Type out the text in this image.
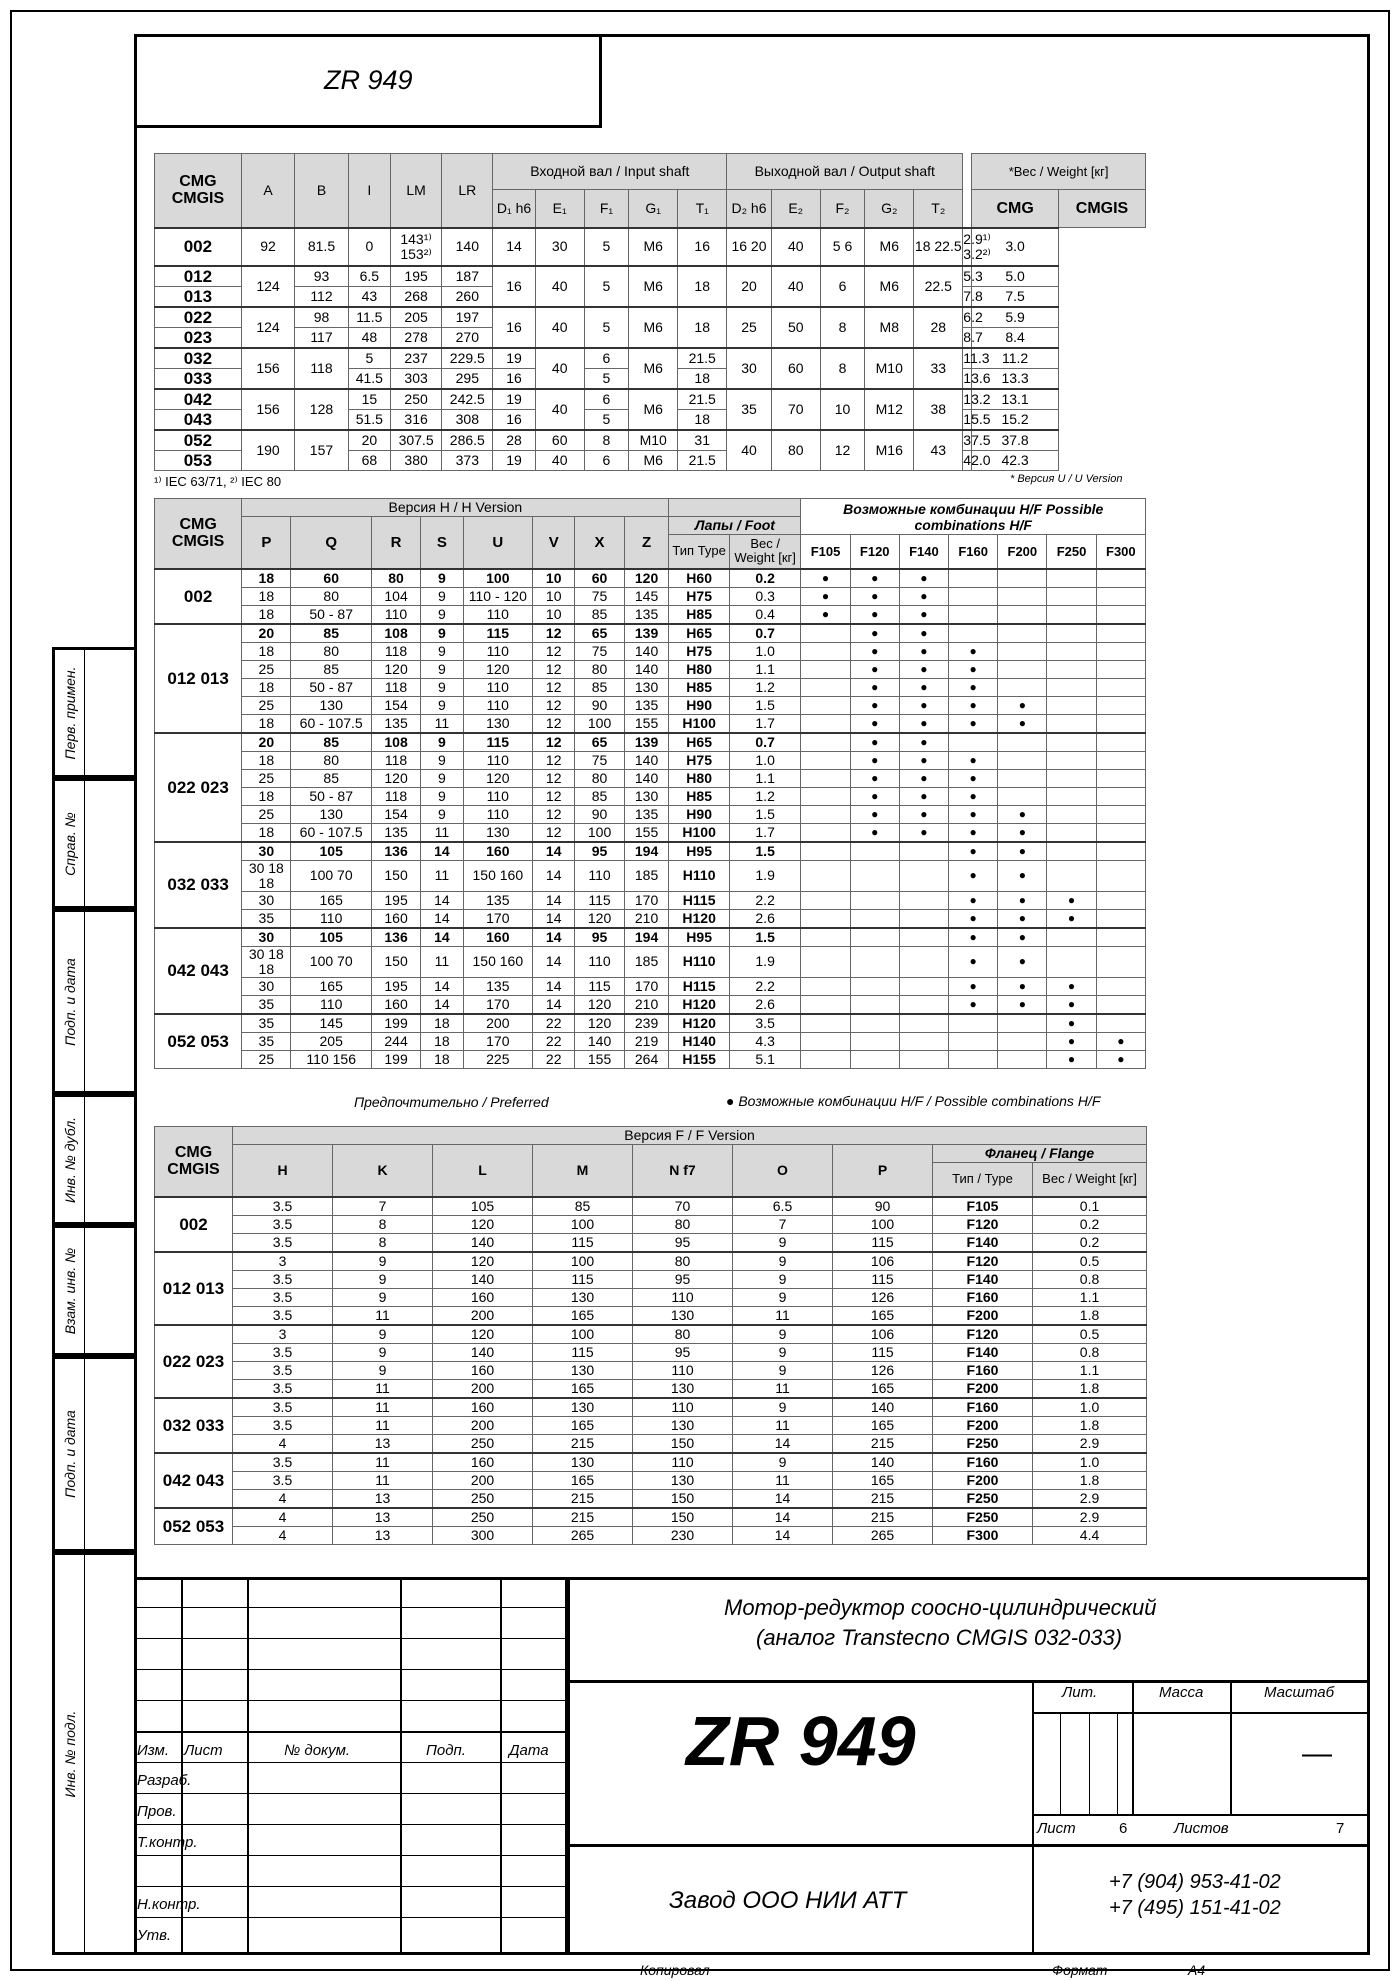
ZR 949
Перв. примен.
Справ. №
Подп. и дата
Инв. № дубл.
Взам. инв. №
Подп. и дата
Инв. № подл.
CMG
CMGIS	A	B	I	LM	LR	Входной вал / Input shaft					Выходной вал / Output shaft						*Вес / Weight [кг]	
						D₁ h6	E₁	F₁	G₁	T₁	D₂ h6	E₂	F₂	G₂	T₂		CMG	CMGIS
002	92	81.5	0	143¹⁾ 153²⁾	140	14	30	5	M6	16	16 20	40	5 6	M6	18 22.5	2.9¹⁾ 3.2²⁾	3.0	
012	124	93	6.5	195	187	16	40	5	M6	18	20	40	6	M6	22.5	5.3	5.0	
013		112	43	268	260											7.8	7.5	
022	124	98	11.5	205	197	16	40	5	M6	18	25	50	8	M8	28	6.2	5.9	
023		117	48	278	270											8.7	8.4	
032	156	118	5	237	229.5	19	40	6	M6	21.5	30	60	8	M10	33	11.3	11.2	
033			41.5	303	295	16		5		18						13.6	13.3	
042	156	128	15	250	242.5	19	40	6	M6	21.5	35	70	10	M12	38	13.2	13.1	
043			51.5	316	308	16		5		18						15.5	15.2	
052	190	157	20	307.5	286.5	28	60	8	M10	31	40	80	12	M16	43	37.5	37.8	
053			68	380	373	19	40	6	M6	21.5						42.0	42.3	
¹⁾ IEC 63/71, ²⁾ IEC 80	* Версия U / U Version
CMG
CMGIS	Версия H / H Version										Возможные комбинации H/F Possible combinations H/F						
	P	Q	R	S	U	V	X	Z	Лапы / Foot								
									Тип Type	Вес / Weight [кг]	F105	F120	F140	F160	F200	F250	F300
002	18	60	80	9	100	10	60	120	H60	0.2	●	●	●				
	18	80	104	9	110 - 120	10	75	145	H75	0.3	●	●	●				
	18	50 - 87	110	9	110	10	85	135	H85	0.4	●	●	●				
012 013	20	85	108	9	115	12	65	139	H65	0.7		●	●				
	18	80	118	9	110	12	75	140	H75	1.0		●	●	●			
	25	85	120	9	120	12	80	140	H80	1.1		●	●	●			
	18	50 - 87	118	9	110	12	85	130	H85	1.2		●	●	●			
	25	130	154	9	110	12	90	135	H90	1.5		●	●	●	●		
	18	60 - 107.5	135	11	130	12	100	155	H100	1.7		●	●	●	●		
022 023	20	85	108	9	115	12	65	139	H65	0.7		●	●				
	18	80	118	9	110	12	75	140	H75	1.0		●	●	●			
	25	85	120	9	120	12	80	140	H80	1.1		●	●	●			
	18	50 - 87	118	9	110	12	85	130	H85	1.2		●	●	●			
	25	130	154	9	110	12	90	135	H90	1.5		●	●	●	●		
	18	60 - 107.5	135	11	130	12	100	155	H100	1.7		●	●	●	●		
032 033	30	105	136	14	160	14	95	194	H95	1.5				●	●		
	30 18 18	100 70	150	11	150 160	14	110	185	H110	1.9				●	●		
	30	165	195	14	135	14	115	170	H115	2.2				●	●	●	
	35	110	160	14	170	14	120	210	H120	2.6				●	●	●	
042 043	30	105	136	14	160	14	95	194	H95	1.5				●	●		
	30 18 18	100 70	150	11	150 160	14	110	185	H110	1.9				●	●		
	30	165	195	14	135	14	115	170	H115	2.2				●	●	●	
	35	110	160	14	170	14	120	210	H120	2.6				●	●	●	
052 053	35	145	199	18	200	22	120	239	H120	3.5						●	
	35	205	244	18	170	22	140	219	H140	4.3						●	●
	25	110 156	199	18	225	22	155	264	H155	5.1						●	●
Предпочтительно / Preferred	● Возможные комбинации H/F / Possible combinations H/F
CMG
CMGIS	Версия F / F Version								
	H	K	L	M	N f7	O	P	Фланец / Flange	
								Тип / Type	Вес / Weight [кг]
002	3.5	7	105	85	70	6.5	90	F105	0.1
	3.5	8	120	100	80	7	100	F120	0.2
	3.5	8	140	115	95	9	115	F140	0.2
012 013	3	9	120	100	80	9	106	F120	0.5
	3.5	9	140	115	95	9	115	F140	0.8
	3.5	9	160	130	110	9	126	F160	1.1
	3.5	11	200	165	130	11	165	F200	1.8
022 023	3	9	120	100	80	9	106	F120	0.5
	3.5	9	140	115	95	9	115	F140	0.8
	3.5	9	160	130	110	9	126	F160	1.1
	3.5	11	200	165	130	11	165	F200	1.8
032 033	3.5	11	160	130	110	9	140	F160	1.0
	3.5	11	200	165	130	11	165	F200	1.8
	4	13	250	215	150	14	215	F250	2.9
042 043	3.5	11	160	130	110	9	140	F160	1.0
	3.5	11	200	165	130	11	165	F200	1.8
	4	13	250	215	150	14	215	F250	2.9
052 053	4	13	250	215	150	14	215	F250	2.9
	4	13	300	265	230	14	265	F300	4.4
Изм. Лист	№ докум.	Подп.	Дата
Разраб.
Пров.
Т.контр.
Н.контр.
Утв.
Мотор-редуктор соосно-цилиндрический
(аналог Transtecno CMGIS 032-033)
ZR 949
Лит.	Масса	Масштаб
—
Лист	6	Листов	7
Завод ООО НИИ АТТ
+7 (904) 953-41-02
+7 (495) 151-41-02
Копировал	Формат	A4
